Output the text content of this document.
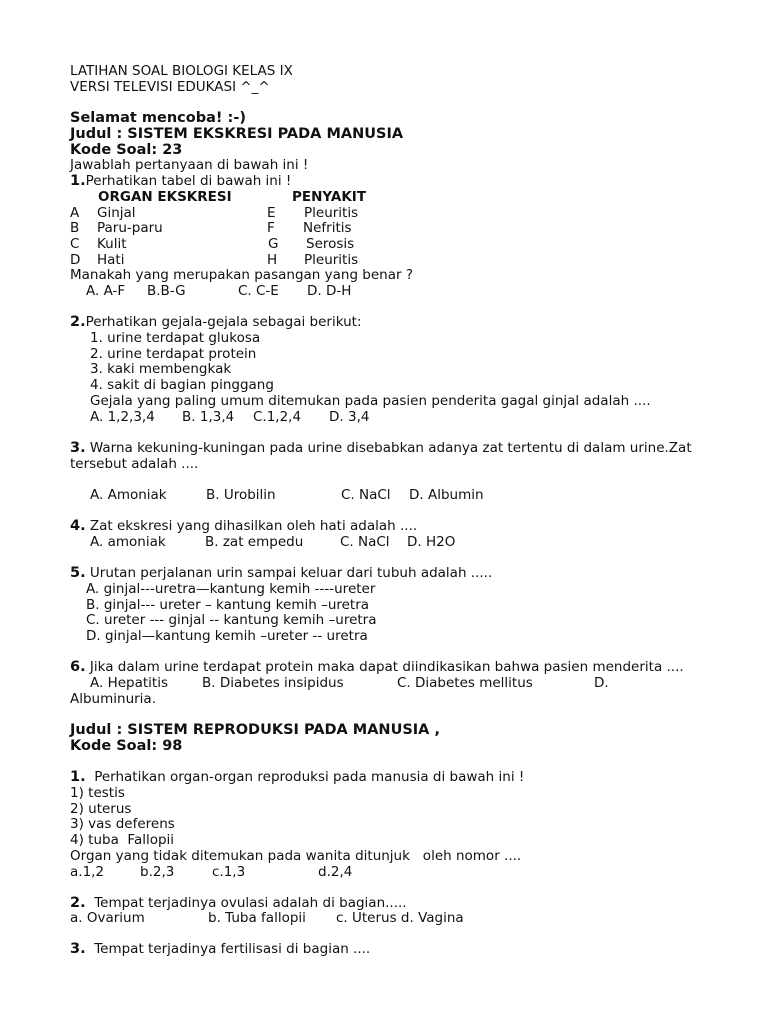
LATIHAN SOAL BIOLOGI KELAS IX
VERSI TELEVISI EDUKASI ^_^
Selamat mencoba! :-)
Judul : SISTEM EKSKRESI PADA MANUSIA
Kode Soal: 23
Jawablah pertanyaan di bawah ini !
1.Perhatikan tabel di bawah ini !
ORGAN EKSKRESI	PENYAKIT
A Ginjal	E Pleuritis
B Paru-paru	F Nefritis
C Kulit	G Serosis
D Hati	H Pleuritis
Manakah yang merupakan pasangan yang benar ?
A. A-F B.B-G	C. C-E D. D-H
2.Perhatikan gejala-gejala sebagai berikut:
1. urine terdapat glukosa
2. urine terdapat protein
3. kaki membengkak
4. sakit di bagian pinggang
Gejala yang paling umum ditemukan pada pasien penderita gagal ginjal adalah ....
A. 1,2,3,4 B. 1,3,4 C.1,2,4 D. 3,4
3. Warna kekuning-kuningan pada urine disebabkan adanya zat tertentu di dalam urine.Zat
tersebut adalah ....
A. Amoniak	B. Urobilin	C. NaCl D. Albumin
4. Zat ekskresi yang dihasilkan oleh hati adalah ....
A. amoniak	B. zat empedu	C. NaCl D. H2O
5. Urutan perjalanan urin sampai keluar dari tubuh adalah .....
A. ginjal---uretra—kantung kemih ----ureter
B. ginjal--- ureter – kantung kemih –uretra
C. ureter --- ginjal -- kantung kemih –uretra
D. ginjal—kantung kemih –ureter -- uretra
6. Jika dalam urine terdapat protein maka dapat diindikasikan bahwa pasien menderita ....
A. Hepatitis	B. Diabetes insipidus	C. Diabetes mellitus	D.
Albuminuria.
Judul : SISTEM REPRODUKSI PADA MANUSIA ,
Kode Soal: 98
1.  Perhatikan organ-organ reproduksi pada manusia di bawah ini !
1) testis
2) uterus
3) vas deferens
4) tuba  Fallopii
Organ yang tidak ditemukan pada wanita ditunjuk   oleh nomor ....
a.1,2	b.2,3	c.1,3	d.2,4
2.  Tempat terjadinya ovulasi adalah di bagian.....
a. Ovarium	b. Tuba fallopii c. Uterus d. Vagina
3.  Tempat terjadinya fertilisasi di bagian ....
